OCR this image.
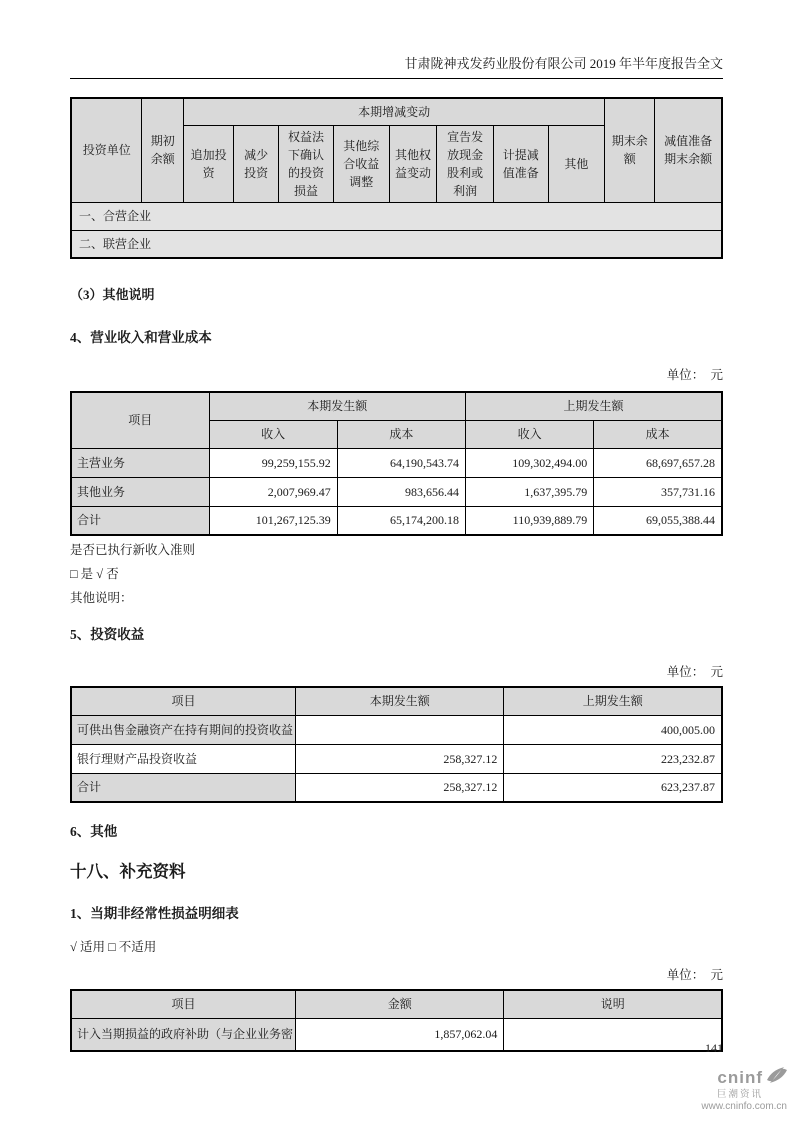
甘肃陇神戎发药业股份有限公司 2019 年半年度报告全文
投资单位	期初余额	本期增减变动								期末余额	减值准备期末余额
		追加投资	减少投资	权益法下确认的投资损益	其他综合收益调整	其他权益变动	宣告发放现金股利或利润	计提减值准备	其他		
一、合营企业											
二、联营企业											
（3）其他说明
4、营业收入和营业成本
单位：  元
项目	本期发生额		上期发生额	
	收入	成本	收入	成本
主营业务	99,259,155.92	64,190,543.74	109,302,494.00	68,697,657.28
其他业务	2,007,969.47	983,656.44	1,637,395.79	357,731.16
合计	101,267,125.39	65,174,200.18	110,939,889.79	69,055,388.44
是否已执行新收入准则
□ 是 √ 否
其他说明：
5、投资收益
单位：  元
项目	本期发生额	上期发生额
可供出售金融资产在持有期间的投资收益		400,005.00
银行理财产品投资收益	258,327.12	223,232.87
合计	258,327.12	623,237.87
6、其他
十八、补充资料
1、当期非经常性损益明细表
√ 适用 □ 不适用
单位：  元
项目	金额	说明
计入当期损益的政府补助（与企业业务密	1,857,062.04	
141
cninf
巨潮资讯
www.cninfo.com.cn
